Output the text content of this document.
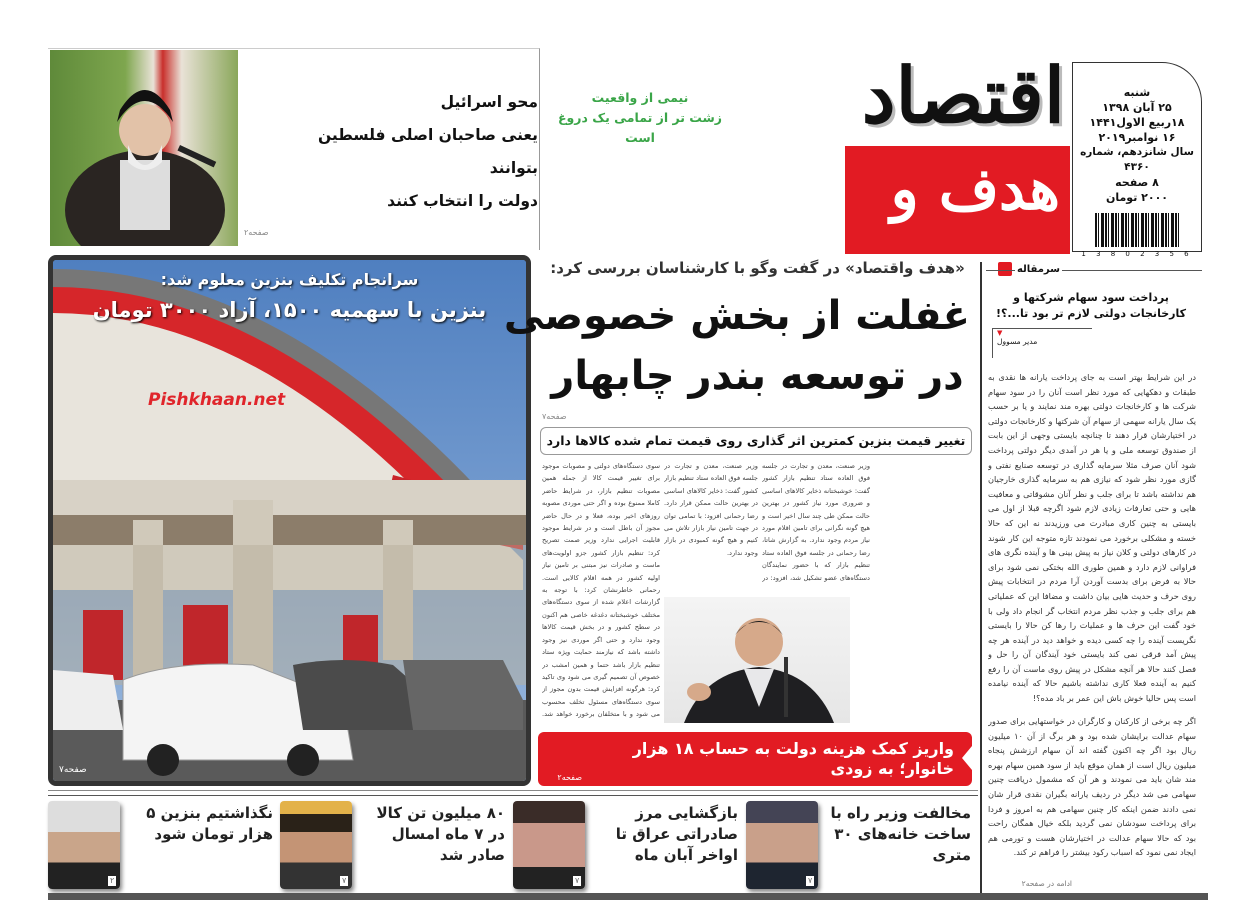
محو اسرائیل
یعنی صاحبان اصلی فلسطین بتوانند
دولت را انتخاب کنند
صفحه۲
اقتصاد
هدف و
نیمی از واقعیت
زشت تر از تمامی یک دروغ است
شنبه
۲۵ آبان ۱۳۹۸
۱۸ربیع الاول۱۴۴۱
۱۶ نوامبر۲۰۱۹
سال شانزدهم، شماره ۴۳۶۰
۸ صفحه
۲۰۰۰ تومان
1 3 8 0 2 3 5 6
سرانجام تکلیف بنزین معلوم شد:
بنزین با سهمیه ۱۵۰۰، آزاد ۳۰۰۰ تومان
Pishkhaan.net
صفحه۷
«هدف واقتصاد» در گفت وگو با کارشناسان بررسی کرد:
غفلت از بخش خصوصی
در توسعه بندر چابهار
صفحه۷
تغییر قیمت بنزین کمترین اثر گذاری روی قیمت تمام شده کالاها دارد
سوی دستگاه‌های دولتی و مصوبات موجود برای تغییر قیمت کالا از جمله همین مصوبات تنظیم بازار، در شرایط حاضر کاملا ممنوع بوده و اگر حتی موردی مصوبه روزهای اخیر بوده، فعلا و در حال حاضر مجوز آن باطل است و در شرایط موجود قابلیت اجرایی ندارد وزیر صمت تصریح کرد: تنظیم بازار کشور جزو اولویت‌های ماست و صادرات نیز مبتنی بر تامین نیاز اولیه کشور در همه اقلام کالایی است. رحمانی خاطرنشان کرد: با توجه به گزارشات اعلام شده از سوی دستگاه‌های مختلف خوشبختانه دغدغه خاصی هم اکنون در سطح کشور و در بخش قیمت کالاها وجود ندارد و حتی اگر موردی نیز وجود داشته باشد که نیازمند حمایت ویژه ستاد تنظیم بازار باشد حتما و همین امشب در خصوص آن تصمیم گیری می شود وی تاکید کرد: هرگونه افزایش قیمت بدون مجوز از سوی دستگاه‌های مسئول تخلف محسوب می شود و با متخلفان برخورد خواهد شد.
وزیر صنعت، معدن و تجارت در جلسه فوق العاده ستاد تنظیم بازار کشور گفت: ذخایر کالاهای اساسی در بهترین حالت ممکن قرار دارد. رضا رحمانی افزود: با تمامی توان در جهت تامین نیاز بازار تلاش می کنیم و هیچ گونه کمبودی در بازار وجود ندارد.
وزیر صنعت، معدن و تجارت در جلسه فوق العاده ستاد تنظیم بازار کشور گفت: خوشبختانه ذخایر کالاهای اساسی و ضروری مورد نیاز کشور در بهترین حالت ممکن طی چند سال اخیر است و هیچ گونه نگرانی برای تامین اقلام مورد نیاز مردم وجود ندارد. به گزارش شاتا، رضا رحمانی در جلسه فوق العاده ستاد تنظیم بازار که با حضور نمایندگان دستگاه‌های عضو تشکیل شد، افزود: در
واریز کمک هزینه دولت به حساب ۱۸ هزار خانوار؛ به زودی
صفحه۲
سرمقاله
پرداخت سود سهام شرکتها و کارخانجات دولتی لازم تر بود تا...؟!
▼
مدیر مسوول
در این شرایط بهتر است به جای پرداخت یارانه ها نقدی به طبقات و دهکهایی که مورد نظر است آنان را در سود سهام شرکت ها و کارخانجات دولتی بهره مند نمایند و یا بر حسب یک سال یارانه سهمی از سهام آن شرکتها و کارخانجات دولتی در اختیارشان قرار دهند تا چنانچه بایستی وجهی از این بابت از صندوق توسعه ملی و یا هر در آمدی دیگر دولتی پرداخت شود آنان صرف مثلا سرمایه گذاری در توسعه صنایع نفتی و گازی مورد نظر شود که نیازی هم به سرمایه گذاری خارجیان هم نداشته باشد تا برای جلب و نظر آنان مشوقاتی و معافیت هایی و حتی تعارفات زیادی لازم شود اگرچه قبلا از اول می بایستی به چنین کاری مبادرت می ورزیدند نه این که حالا خسته و مشکلی برخورد می نمودند تازه متوجه این کار شوند در کارهای دولتی و کلان نیاز به پیش بینی ها و آینده نگری های فراوانی لازم دارد و همین طوری الله بختکی نمی شود برای حالا به فرض برای بدست آوردن آرا مردم در انتخابات پیش روی حرف و حدیث هایی بیان داشت و مضافا این که عملیاتی هم برای جلب و جذب نظر مردم انتخاب گر انجام داد ولی با خود گفت این حرف ها و عملیات را رها کن حالا را بایستی نگریست آینده را چه کسی دیده و خواهد دید در آینده هر چه پیش آمد فرقی نمی کند بایستی خود آیندگان آن را حل و فصل کنند حالا هر آنچه مشکل در پیش روی ماست آن را رفع کنیم به آینده فعلا کاری نداشته باشیم حالا که آینده نیامده است پس حالیا خوش باش این عمر بر باد مده؟!
اگر چه برخی از کارکنان و کارگران در خواستهایی برای صدور سهام عدالت برایشان شده بود و هر برگ از آن ۱۰ میلیون ریال بود اگر چه اکنون گفته اند آن سهام ارزشش پنجاه میلیون ریال است از همان موقع باید از سود همین سهام بهره مند شان باید می نمودند و هر آن که مشمول دریافت چنین سهامی می شد دیگر در ردیف یارانه بگیران نقدی قرار شان نمی دادند ضمن اینکه کار چنین سهامی هم به امروز و فردا برای پرداخت سودشان نمی گردید بلکه خیال همگان راحت بود که حالا سهام عدالت در اختیارشان هست و تورمی هم ایجاد نمی نمود که اسباب رکود بیشتر را فراهم تر کند.
ادامه در صفحه۲
نگذاشتیم بنزین ۵ هزار تومان شود
۲
۸۰ میلیون تن کالا در ۷ ماه امسال صادر شد
۷
بازگشایی مرز صادراتی عراق تا اواخر آبان ماه
۷
مخالفت وزیر راه با ساخت خانه‌های ۳۰ متری
۷
